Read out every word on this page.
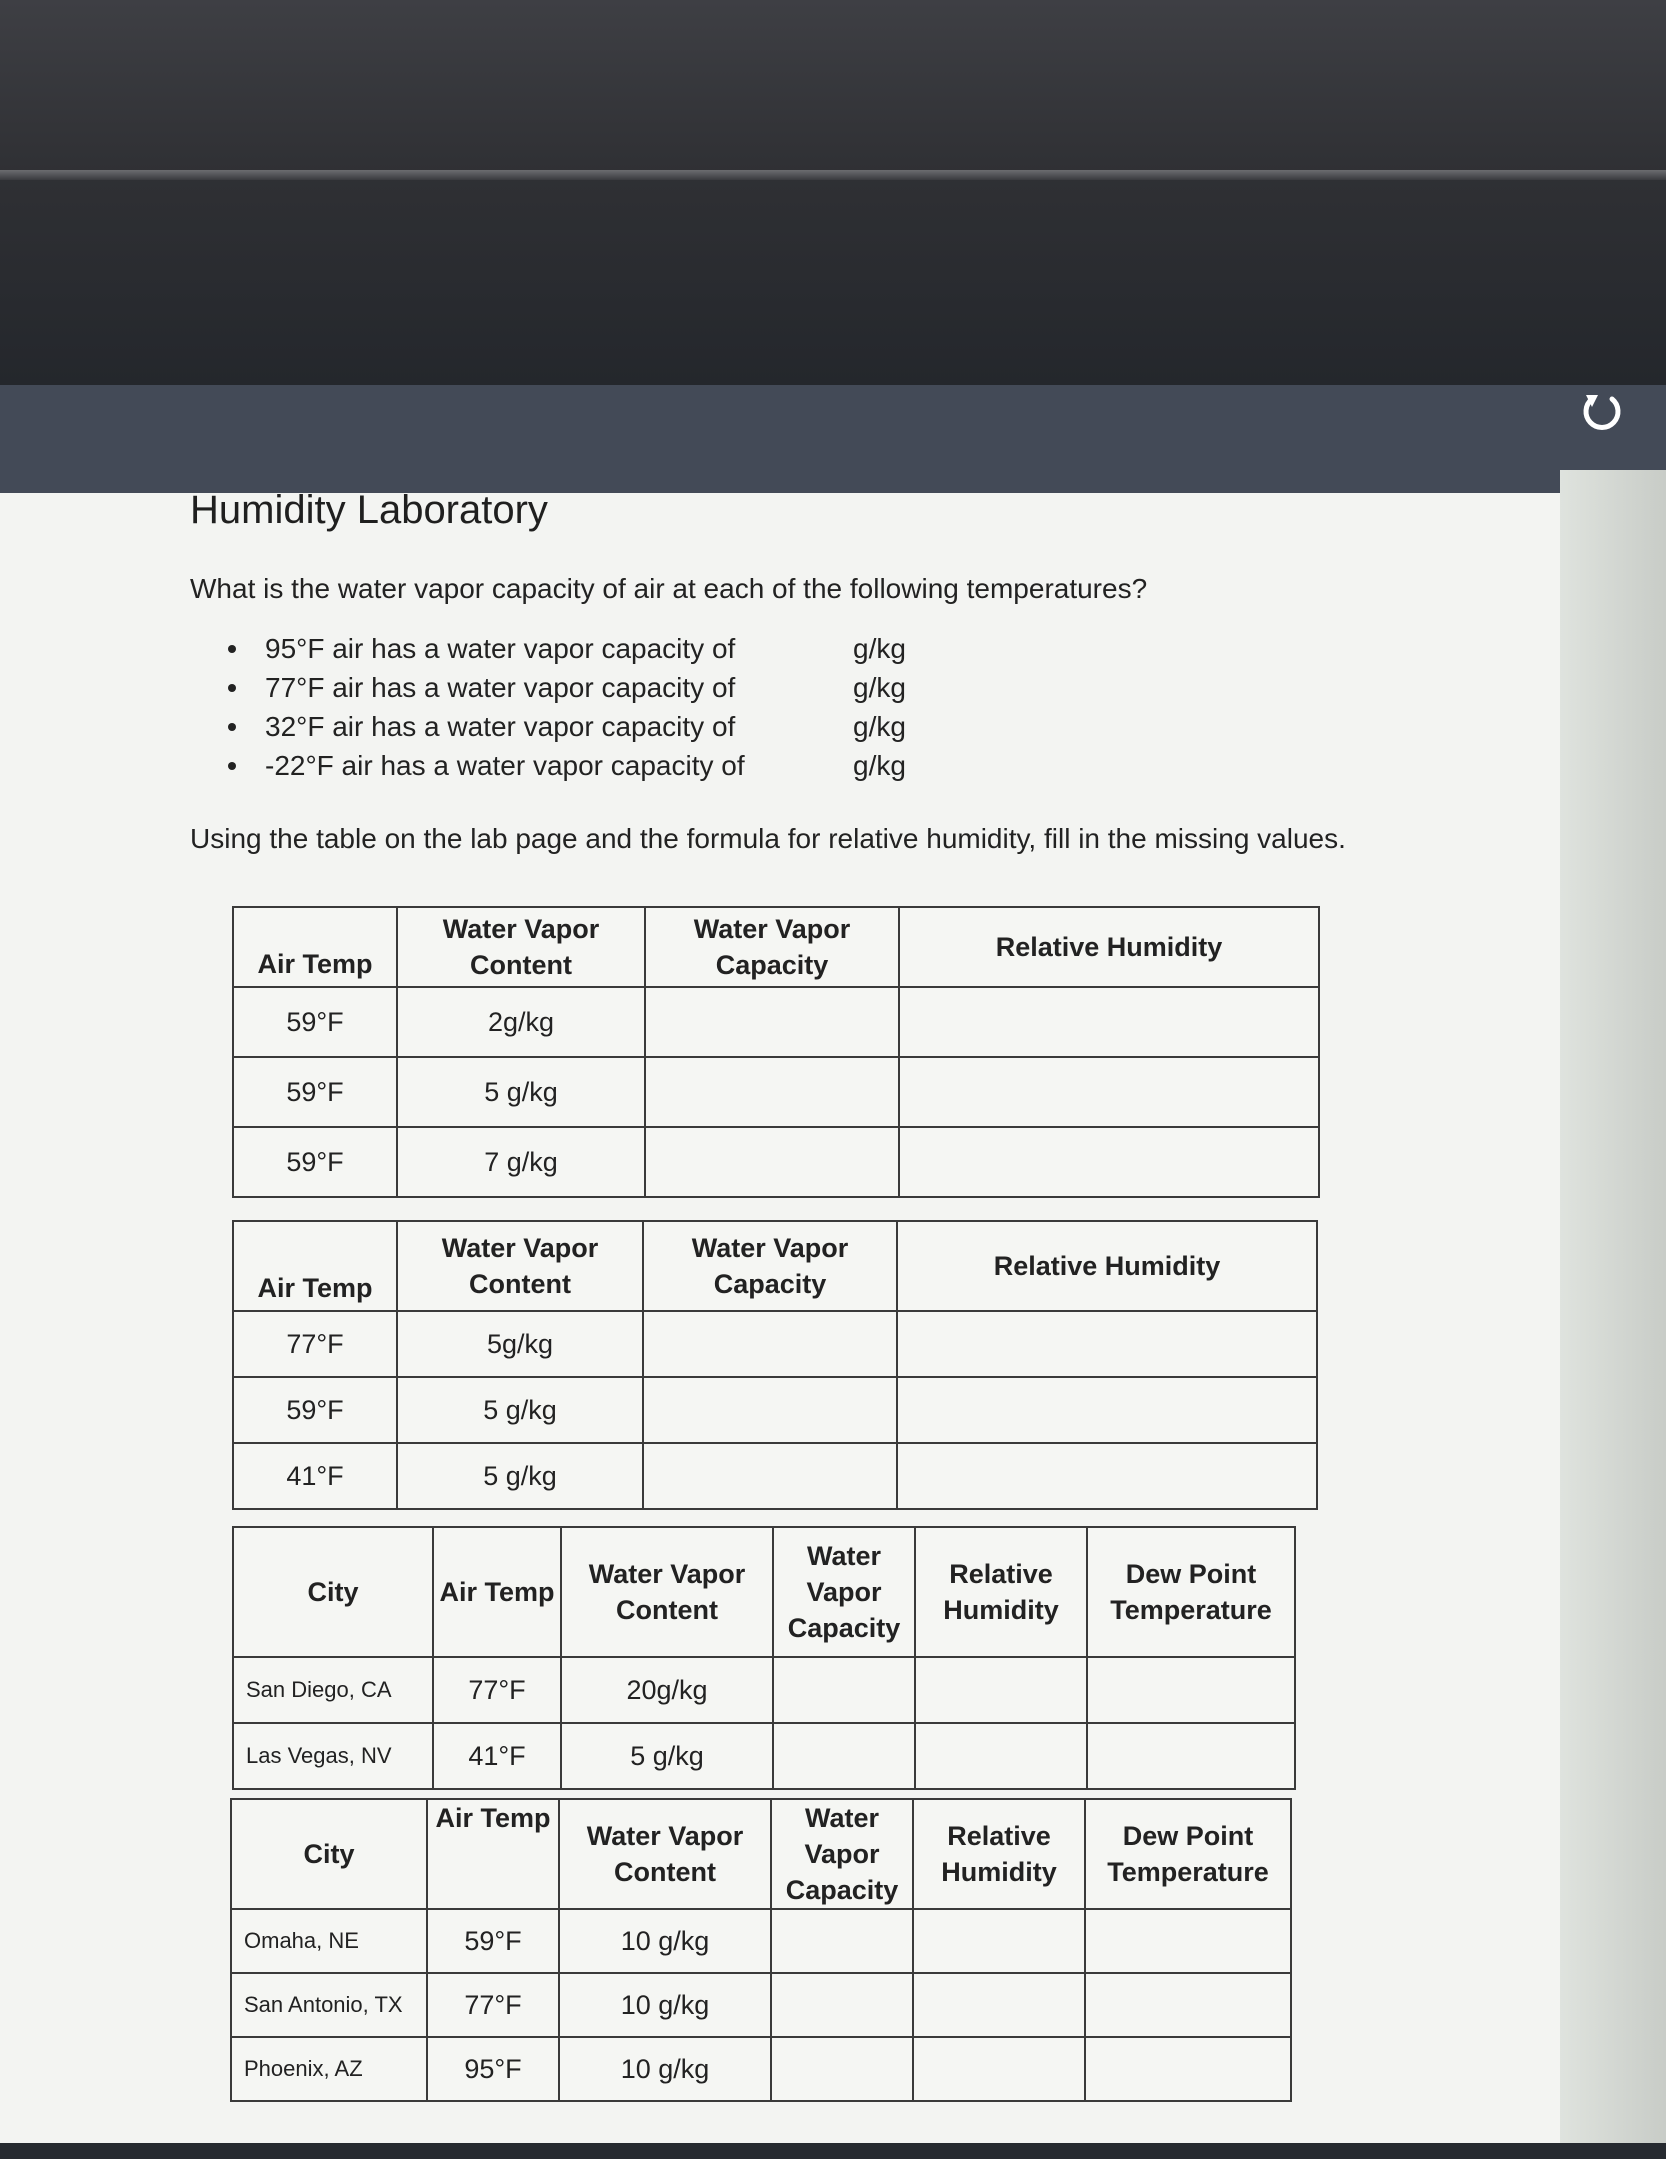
Humidity Laboratory
What is the water vapor capacity of air at each of the following temperatures?
95°F air has a water vapor capacity of	g/kg
77°F air has a water vapor capacity of	g/kg
32°F air has a water vapor capacity of	g/kg
-22°F air has a water vapor capacity of	g/kg
Using the table on the lab page and the formula for relative humidity, fill in the missing values.
Air Temp	Water Vapor Content	Water Vapor Capacity	Relative Humidity
59°F	2g/kg		
59°F	5 g/kg		
59°F	7 g/kg		
Air Temp	Water Vapor Content	Water Vapor Capacity	Relative Humidity
77°F	5g/kg		
59°F	5 g/kg		
41°F	5 g/kg		
City	Air Temp	Water Vapor Content	Water Vapor Capacity	Relative Humidity	Dew Point Temperature
San Diego, CA	77°F	20g/kg			
Las Vegas, NV	41°F	5 g/kg			
City	Air Temp	Water Vapor Content	Water Vapor Capacity	Relative Humidity	Dew Point Temperature
Omaha, NE	59°F	10 g/kg			
San Antonio, TX	77°F	10 g/kg			
Phoenix, AZ	95°F	10 g/kg			
